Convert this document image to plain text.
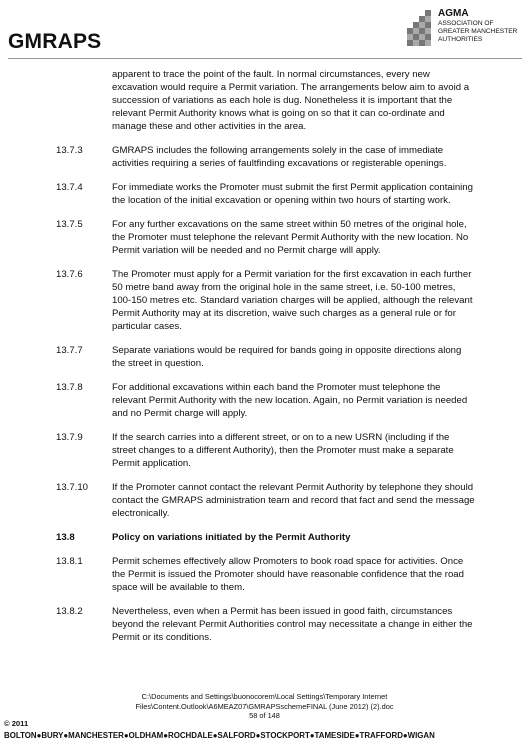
GMRAPS
AGMA
ASSOCIATION OF
GREATER MANCHESTER
AUTHORITIES

apparent to trace the point of the fault. In normal circumstances, every new excavation would require a Permit variation. The arrangements below aim to avoid a succession of variations as each hole is dug. Nonetheless it is important that the relevant Permit Authority knows what is going on so that it can co-ordinate and manage these and other activities in the area.

13.7.3	GMRAPS includes the following arrangements solely in the case of immediate activities requiring a series of faultfinding excavations or registerable openings.

13.7.4	For immediate works the Promoter must submit the first Permit application containing the location of the initial excavation or opening within two hours of starting work.

13.7.5	For any further excavations on the same street within 50 metres of the original hole, the Promoter must telephone the relevant Permit Authority with the new location. No Permit variation will be needed and no Permit charge will apply.

13.7.6	The Promoter must apply for a Permit variation for the first excavation in each further 50 metre band away from the original hole in the same street, i.e. 50-100 metres, 100-150 metres etc. Standard variation charges will be applied, although the relevant Permit Authority may at its discretion, waive such charges as a general rule or for particular cases.

13.7.7	Separate variations would be required for bands going in opposite directions along the street in question.

13.7.8	For additional excavations within each band the Promoter must telephone the relevant Permit Authority with the new location. Again, no Permit variation is needed and no Permit charge will apply.

13.7.9	If the search carries into a different street, or on to a new USRN (including if the street changes to a different Authority), then the Promoter must make a separate Permit application.

13.7.10	If the Promoter cannot contact the relevant Permit Authority by telephone they should contact the GMRAPS administration team and record that fact and send the message electronically.

13.8	Policy on variations initiated by the Permit Authority
13.8.1	Permit schemes effectively allow Promoters to book road space for activities. Once the Permit is issued the Promoter should have reasonable confidence that the road space will be available to them.

13.8.2	Nevertheless, even when a Permit has been issued in good faith, circumstances beyond the relevant Permit Authorities control may necessitate a change in either the Permit or its conditions.

C:\Documents and Settings\buonocorem\Local Settings\Temporary Internet
Files\Content.Outlook\A6MEAZ07\GMRAPSschemeFINAL (June 2012) (2).doc
58 of 148
© 2011
BOLTON●BURY●MANCHESTER●OLDHAM●ROCHDALE●SALFORD●STOCKPORT●TAMESIDE●TRAFFORD●WIGAN
